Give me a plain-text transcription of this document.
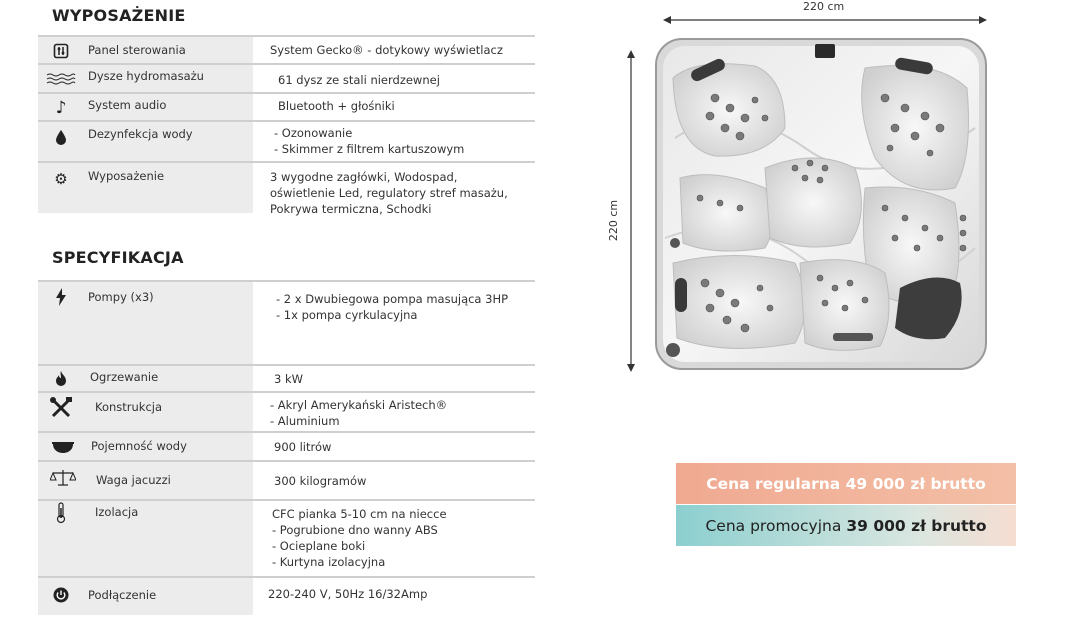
WYPOSAŻENIE
Panel sterowania	System Gecko® - dotykowy wyświetlacz
Dysze hydromasażu	61 dysz ze stali nierdzewnej
♪	System audio	Bluetooth + głośniki
Dezynfekcja wody	- Ozonowanie
- Skimmer z filtrem kartuszowym
⚙	Wyposażenie	3 wygodne zagłówki, Wodospad,
oświetlenie Led, regulatory stref masażu,
Pokrywa termiczna, Schodki
SPECYFIKACJA
Pompy (x3)	- 2 x Dwubiegowa pompa masująca 3HP
- 1x pompa cyrkulacyjna
Ogrzewanie	3 kW
Konstrukcja	- Akryl Amerykański Aristech®
- Aluminium
Pojemność wody	900 litrów
Waga jacuzzi	300 kilogramów
Izolacja	CFC pianka 5-10 cm na niecce
- Pogrubione dno wanny ABS
- Ocieplane boki
- Kurtyna izolacyjna
Podłączenie	220-240 V, 50Hz 16/32Amp
220 cm
220 cm
Cena regularna 49 000 zł brutto
Cena promocyjna 39 000 zł brutto
